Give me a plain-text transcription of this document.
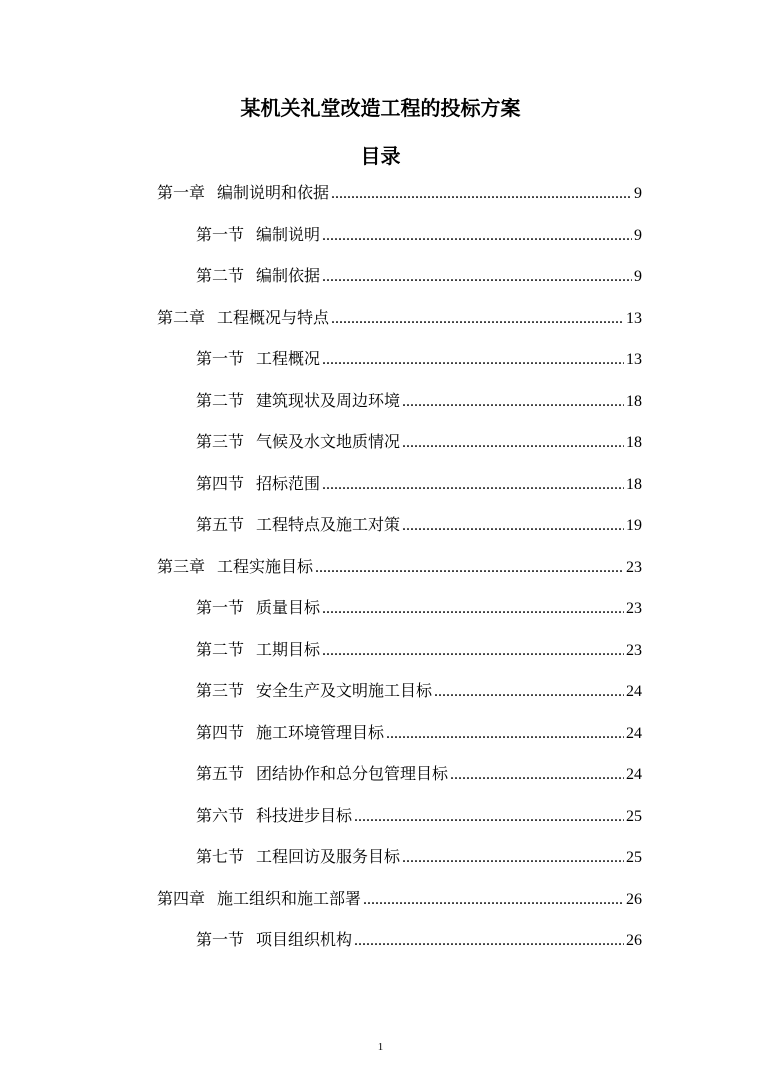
某机关礼堂改造工程的投标方案
目录
第一章 编制说明和依据 .....	9
第一节 编制说明 .....	9
第二节 编制依据 .....	9
第二章 工程概况与特点 .....	13
第一节 工程概况 .....	13
第二节 建筑现状及周边环境 .....	18
第三节 气候及水文地质情况 .....	18
第四节 招标范围 .....	18
第五节 工程特点及施工对策 .....	19
第三章 工程实施目标 .....	23
第一节 质量目标 .....	23
第二节 工期目标 .....	23
第三节 安全生产及文明施工目标 .....	24
第四节 施工环境管理目标 .....	24
第五节 团结协作和总分包管理目标 .....	24
第六节 科技进步目标 .....	25
第七节 工程回访及服务目标 .....	25
第四章 施工组织和施工部署 .....	26
第一节 项目组织机构 .....	26
1
